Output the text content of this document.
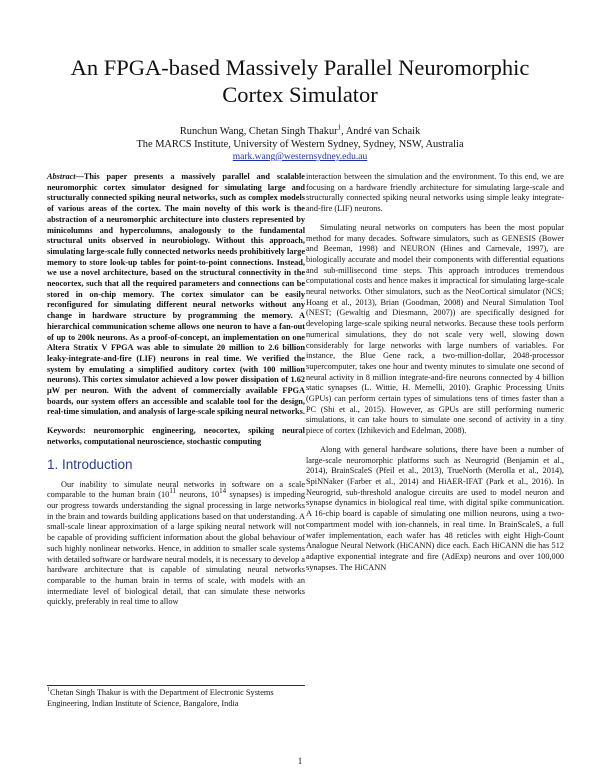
An FPGA-based Massively Parallel Neuromorphic Cortex Simulator
Runchun Wang, Chetan Singh Thakur$^1$, André van Schaik
The MARCS Institute, University of Western Sydney, Sydney, NSW, Australia
mark.wang@westernsydney.edu.au

Abstract—This paper presents a massively parallel and scalable neuromorphic cortex simulator designed for simulating large and structurally connected spiking neural networks, such as complex models of various areas of the cortex. The main novelty of this work is the abstraction of a neuromorphic architecture into clusters represented by minicolumns and hypercolumns, analogously to the fundamental structural units observed in neurobiology. Without this approach, simulating large-scale fully connected networks needs prohibitively large memory to store look-up tables for point-to-point connections. Instead, we use a novel architecture, based on the structural connectivity in the neocortex, such that all the required parameters and connections can be stored in on-chip memory. The cortex simulator can be easily reconfigured for simulating different neural networks without any change in hardware structure by programming the memory. A hierarchical communication scheme allows one neuron to have a fan-out of up to 200k neurons. As a proof-of-concept, an implementation on one Altera Stratix V FPGA was able to simulate 20 million to 2.6 billion leaky-integrate-and-fire (LIF) neurons in real time. We verified the system by emulating a simplified auditory cortex (with 100 million neurons). This cortex simulator achieved a low power dissipation of 1.62 μW per neuron. With the advent of commercially available FPGA boards, our system offers an accessible and scalable tool for the design, real-time simulation, and analysis of large-scale spiking neural networks.

Keywords: neuromorphic engineering, neocortex, spiking neural networks, computational neuroscience, stochastic computing

1. Introduction

Our inability to simulate neural networks in software on a scale comparable to the human brain ($10^{11}$ neurons, $10^{14}$ synapses) is impeding our progress towards understanding the signal processing in large networks in the brain and towards building applications based on that understanding. A small-scale linear approximation of a large spiking neural network will not be capable of providing sufficient information about the global behaviour of such highly nonlinear networks. Hence, in addition to smaller scale systems with detailed software or hardware neural models, it is necessary to develop a hardware architecture that is capable of simulating neural networks comparable to the human brain in terms of scale, with models with an intermediate level of biological detail, that can simulate these networks quickly, preferably in real time to allow

interaction between the simulation and the environment. To this end, we are focusing on a hardware friendly architecture for simulating large-scale and structurally connected spiking neural networks using simple leaky integrate-and-fire (LIF) neurons.

Simulating neural networks on computers has been the most popular method for many decades. Software simulators, such as GENESIS (Bower and Beeman, 1998) and NEURON (Hines and Carnevale, 1997), are biologically accurate and model their components with differential equations and sub-millisecond time steps. This approach introduces tremendous computational costs and hence makes it impractical for simulating large-scale neural networks. Other simulators, such as the NeoCortical simulator (NCS; Hoang et al., 2013), Brian (Goodman, 2008) and Neural Simulation Tool (NEST; (Gewaltig and Diesmann, 2007)) are specifically designed for developing large-scale spiking neural networks. Because these tools perform numerical simulations, they do not scale very well, slowing down considerably for large networks with large numbers of variables. For instance, the Blue Gene rack, a two-million-dollar, 2048-processor supercomputer, takes one hour and twenty minutes to simulate one second of neural activity in 8 million integrate-and-fire neurons connected by 4 billion static synapses (L. Wittie, H. Memelli, 2010). Graphic Processing Units (GPUs) can perform certain types of simulations tens of times faster than a PC (Shi et al., 2015). However, as GPUs are still performing numeric simulations, it can take hours to simulate one second of activity in a tiny piece of cortex (Izhikevich and Edelman, 2008).

Along with general hardware solutions, there have been a number of large-scale neuromorphic platforms such as Neurogrid (Benjamin et al., 2014), BrainScaleS (Pfeil et al., 2013), TrueNorth (Merolla et al., 2014), SpiNNaker (Farber et al., 2014) and HiAER-IFAT (Park et al., 2016). In Neurogrid, sub-threshold analogue circuits are used to model neuron and synapse dynamics in biological real time, with digital spike communication. A 16-chip board is capable of simulating one million neurons, using a two-compartment model with ion-channels, in real time. In BrainScaleS, a full wafer implementation, each wafer has 48 reticles with eight High-Count Analogue Neural Network (HiCANN) dice each. Each HiCANN die has 512 adaptive exponential integrate and fire (AdExp) neurons and over 100,000 synapses. The HiCANN

$^1$Chetan Singh Thakur is with the Department of Electronic Systems Engineering, Indian Institute of Science, Bangalore, India
1
